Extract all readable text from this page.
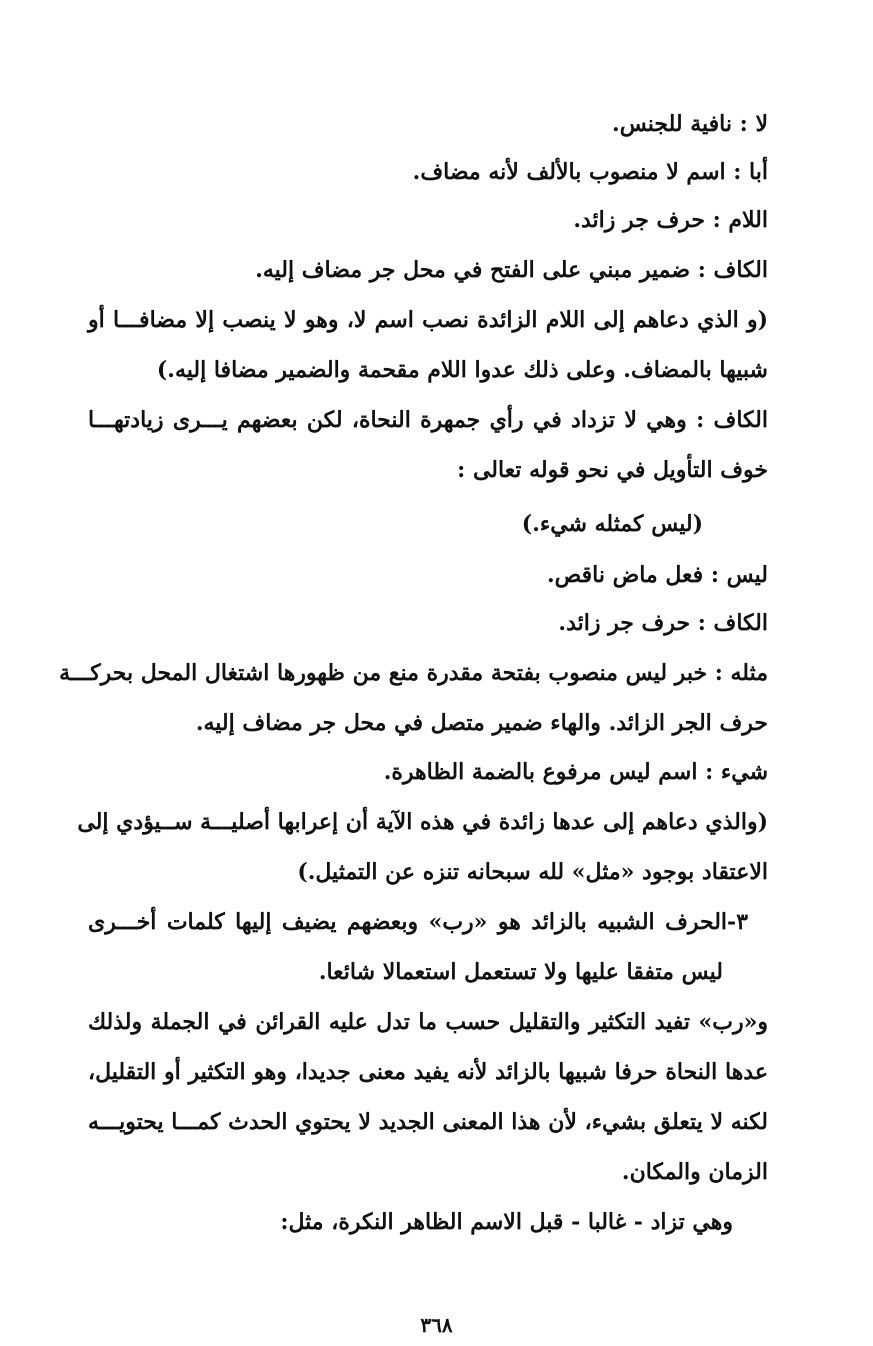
لا : نافية للجنس.
أبا : اسم لا منصوب بالألف لأنه مضاف.
اللام : حرف جر زائد.
الكاف : ضمير مبني على الفتح في محل جر مضاف إليه.
(و الذي دعاهم إلى اللام الزائدة نصب اسم لا، وهو لا ينصب إلا مضافـــا أو
شبيها بالمضاف. وعلى ذلك عدوا اللام مقحمة والضمير مضافا إليه.)
الكاف : وهي لا تزداد في رأي جمهرة النحاة، لكن بعضهم يـــرى زيادتهـــا
خوف التأويل في نحو قوله تعالى :
(ليس كمثله شيء.)
ليس : فعل ماض ناقص.
الكاف : حرف جر زائد.
مثله : خبر ليس منصوب بفتحة مقدرة منع من ظهورها اشتغال المحل بحركـــة
حرف الجر الزائد. والهاء ضمير متصل في محل جر مضاف إليه.
شيء : اسم ليس مرفوع بالضمة الظاهرة.
(والذي دعاهم إلى عدها زائدة في هذه الآية أن إعرابها أصليـــة ســيؤدي إلى
الاعتقاد بوجود «مثل» لله سبحانه تنزه عن التمثيل.)
٣-الحرف الشبيه بالزائد هو «رب» وبعضهم يضيف إليها كلمات أخـــرى
ليس متفقا عليها ولا تستعمل استعمالا شائعا.
و«رب» تفيد التكثير والتقليل حسب ما تدل عليه القرائن في الجملة ولذلك
عدها النحاة حرفا شبيها بالزائد لأنه يفيد معنى جديدا، وهو التكثير أو التقليل،
لكنه لا يتعلق بشيء، لأن هذا المعنى الجديد لا يحتوي الحدث كمـــا يحتويـــه
الزمان والمكان.
وهي تزاد - غالبا - قبل الاسم الظاهر النكرة، مثل:
٣٦٨
